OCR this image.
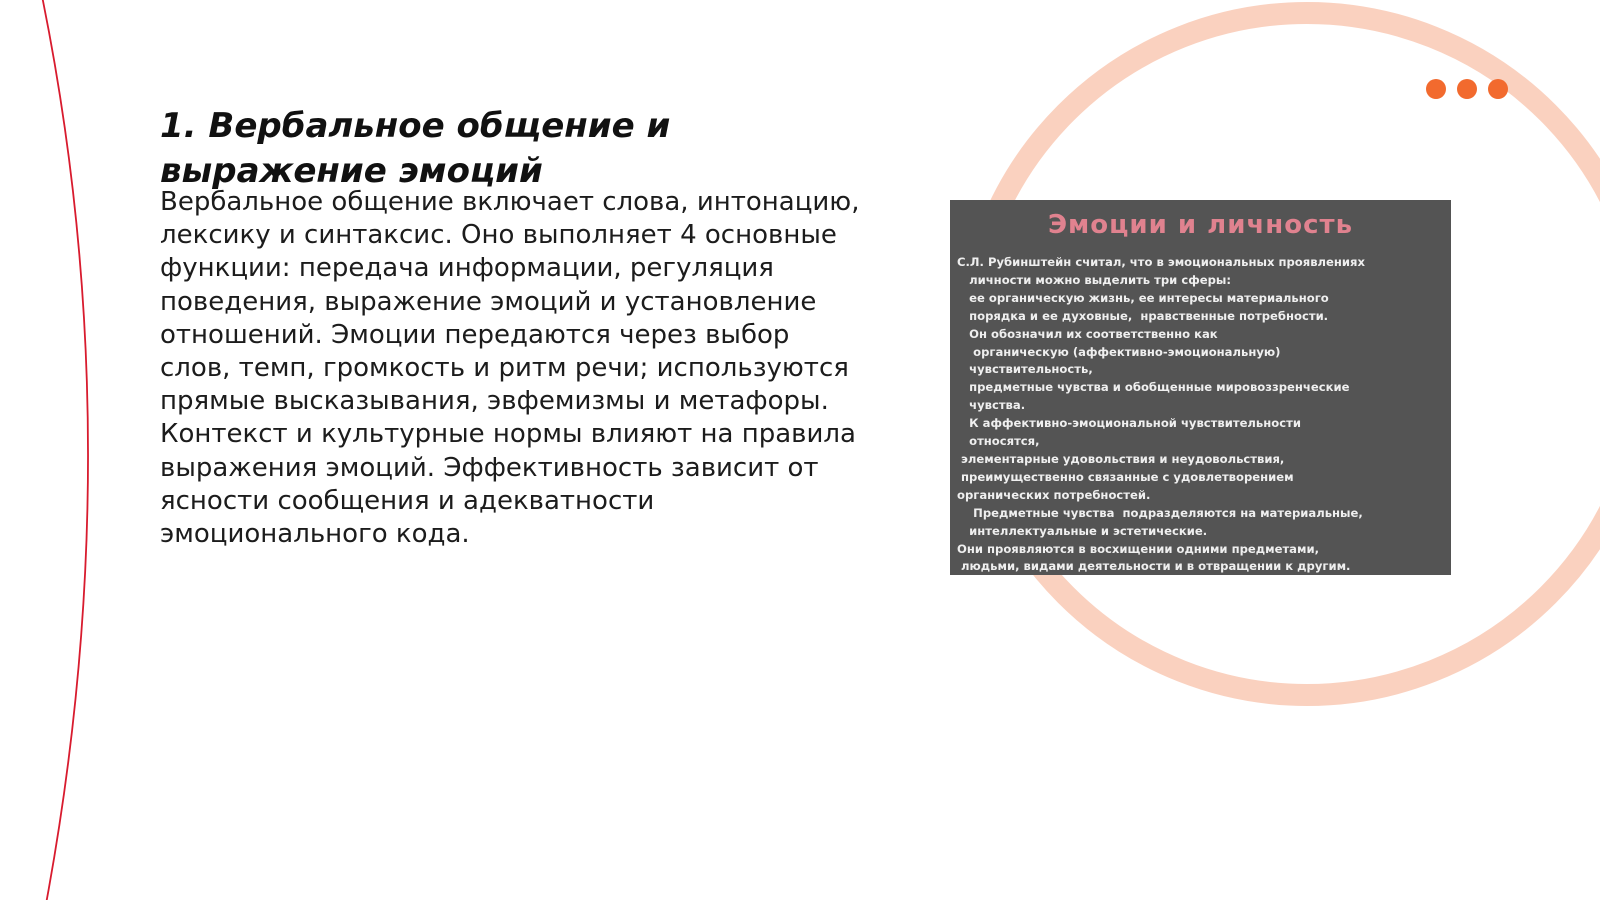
1. Вербальное общение и выражение эмоций

Вербальное общение включает слова, интонацию, лексику и синтаксис. Оно выполняет 4 основные функции: передача информации, регуляция поведения, выражение эмоций и установление отношений. Эмоции передаются через выбор слов, темп, громкость и ритм речи; используются прямые высказывания, эвфемизмы и метафоры. Контекст и культурные нормы влияют на правила выражения эмоций. Эффективность зависит от ясности сообщения и адекватности эмоционального кода.

Эмоции и личность
С.Л. Рубинштейн считал, что в эмоциональных проявлениях
личности можно выделить три сферы:
ее органическую жизнь, ее интересы материального
порядка и ее духовные,  нравственные потребности.
Он обозначил их соответственно как
органическую (аффективно-эмоциональную)
чувствительность,
предметные чувства и обобщенные мировоззренческие
чувства.
К аффективно-эмоциональной чувствительности
относятся,
элементарные удовольствия и неудовольствия,
преимущественно связанные с удовлетворением
органических потребностей.
Предметные чувства  подразделяются на материальные,
интеллектуальные и эстетические.
Они проявляются в восхищении одними предметами,
людьми, видами деятельности и в отвращении к другим.
